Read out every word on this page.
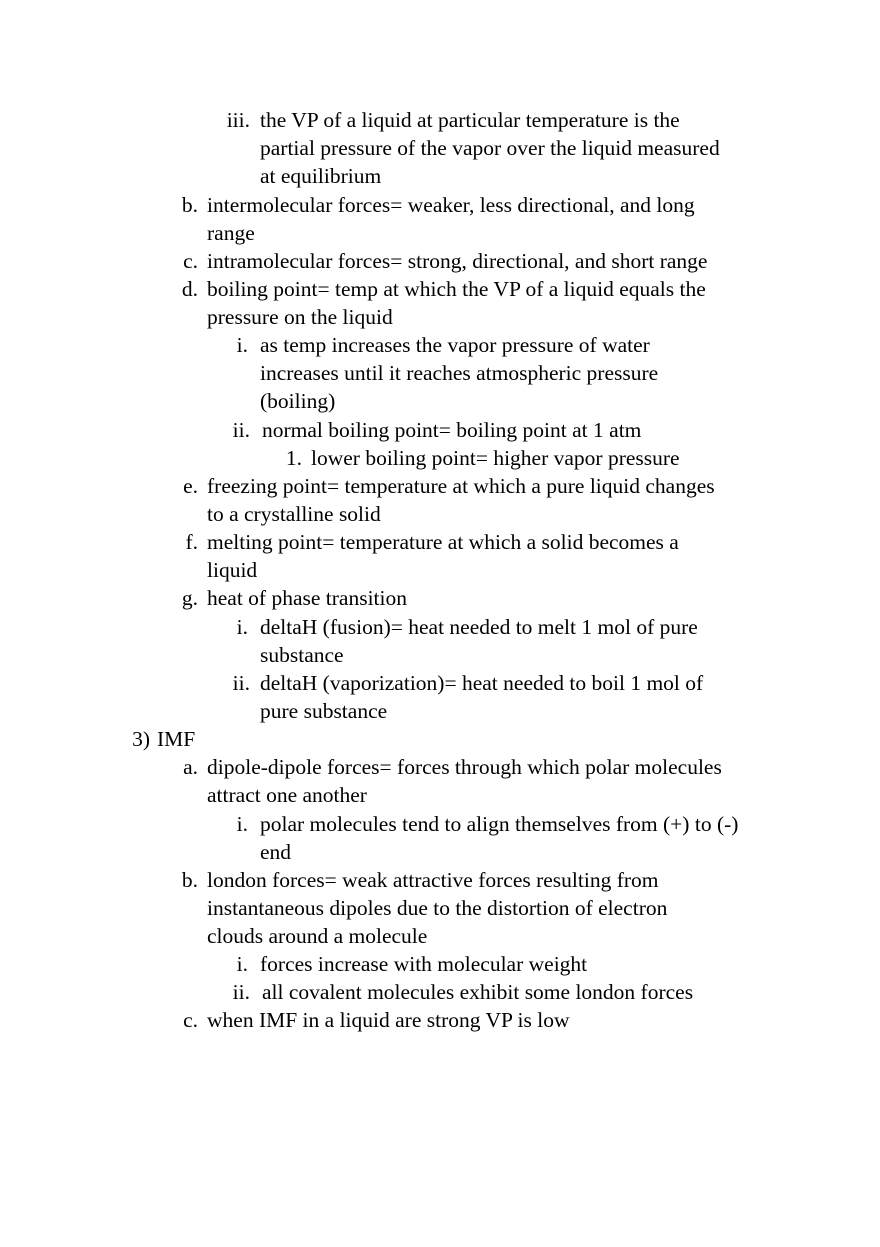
iii. the VP of a liquid at particular temperature is the
partial pressure of the vapor over the liquid measured
at equilibrium
b. intermolecular forces= weaker, less directional, and long
range
c. intramolecular forces= strong, directional, and short range
d. boiling point= temp at which the VP of a liquid equals the
pressure on the liquid
i. as temp increases the vapor pressure of water
increases until it reaches atmospheric pressure
(boiling)
ii. normal boiling point= boiling point at 1 atm
1. lower boiling point= higher vapor pressure
e. freezing point= temperature at which a pure liquid changes
to a crystalline solid
f. melting point= temperature at which a solid becomes a
liquid
g. heat of phase transition
i. deltaH (fusion)= heat needed to melt 1 mol of pure
substance
ii. deltaH (vaporization)= heat needed to boil 1 mol of
pure substance
3) IMF
a. dipole-dipole forces= forces through which polar molecules
attract one another
i. polar molecules tend to align themselves from (+) to (-)
end
b. london forces= weak attractive forces resulting from
instantaneous dipoles due to the distortion of electron
clouds around a molecule
i. forces increase with molecular weight
ii. all covalent molecules exhibit some london forces
c. when IMF in a liquid are strong VP is low
